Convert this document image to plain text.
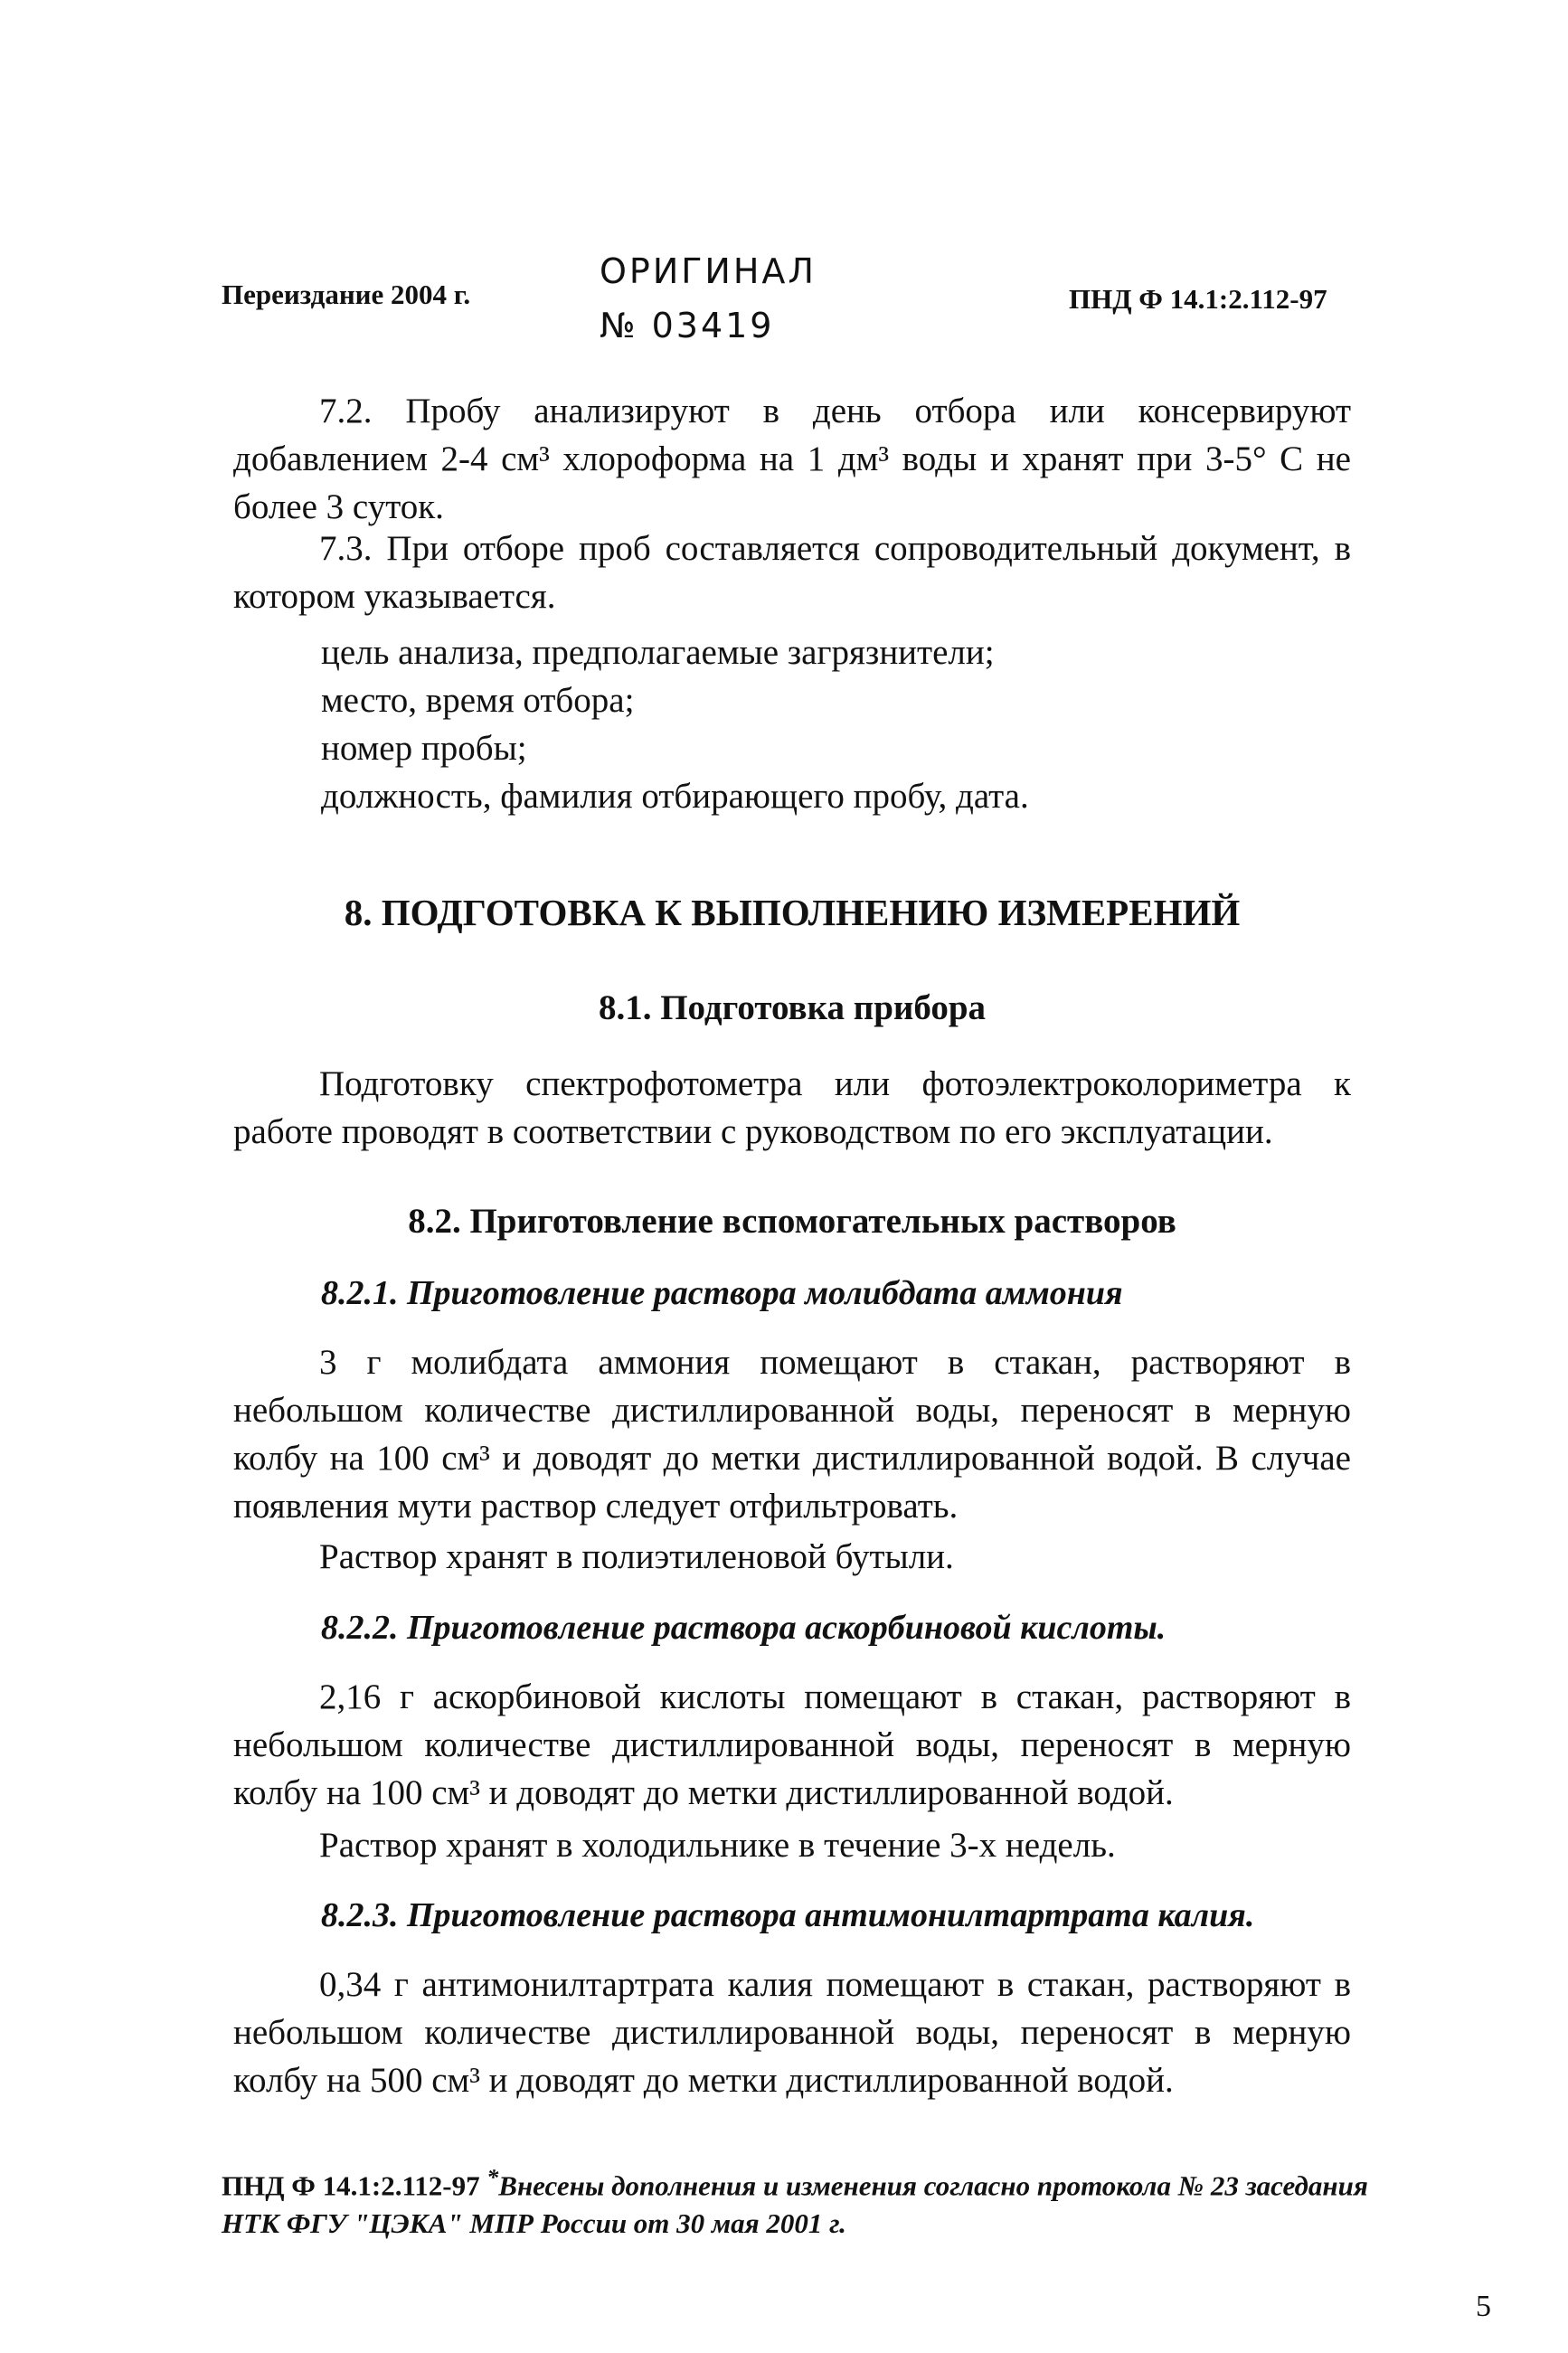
Переиздание 2004 г.
ОРИГИНАЛ
№ 03419
ПНД Ф 14.1:2.112-97
7.2. Пробу анализируют в день отбора или консервируют добавлением 2-4 см³ хлороформа на 1 дм³ воды и хранят при 3-5° С не более 3 суток.
7.3. При отборе проб составляется сопроводительный документ, в котором указывается.
цель анализа, предполагаемые загрязнители;
место, время отбора;
номер пробы;
должность, фамилия отбирающего пробу, дата.
8. ПОДГОТОВКА К ВЫПОЛНЕНИЮ ИЗМЕРЕНИЙ
8.1. Подготовка прибора
Подготовку спектрофотометра или фотоэлектроколориметра к работе проводят в соответствии с руководством по его эксплуатации.
8.2. Приготовление вспомогательных растворов
8.2.1. Приготовление раствора молибдата аммония
3 г молибдата аммония помещают в стакан, растворяют в небольшом количестве дистиллированной воды, переносят в мерную колбу на 100 см³ и доводят до метки дистиллированной водой. В случае появления мути раствор следует отфильтровать.
Раствор хранят в полиэтиленовой бутыли.
8.2.2. Приготовление раствора аскорбиновой кислоты.
2,16 г аскорбиновой кислоты помещают в стакан, растворяют в небольшом количестве дистиллированной воды, переносят в мерную колбу на 100 см³ и доводят до метки дистиллированной водой.
Раствор хранят в холодильнике в течение 3-х недель.
8.2.3. Приготовление раствора антимонилтартрата калия.
0,34 г антимонилтартрата калия помещают в стакан, растворяют в небольшом количестве дистиллированной воды, переносят в мерную колбу на 500 см³ и доводят до метки дистиллированной водой.
ПНД Ф 14.1:2.112-97 *Внесены дополнения и изменения согласно протокола № 23 заседания НТК ФГУ "ЦЭКА" МПР России от 30 мая 2001 г.
5
